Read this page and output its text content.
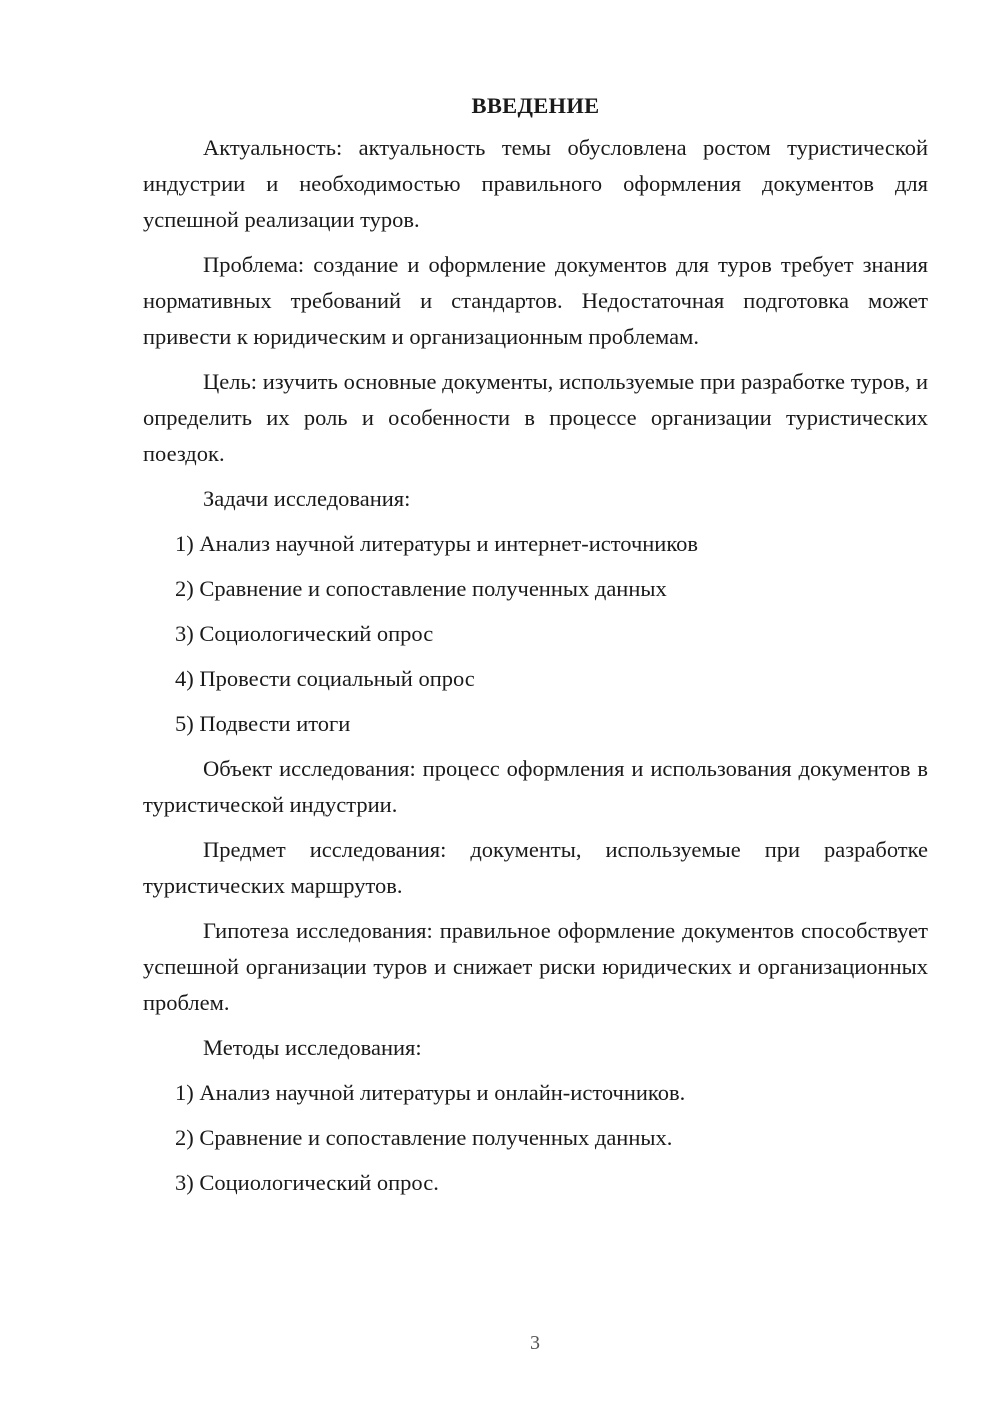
ВВЕДЕНИЕ

Актуальность: актуальность темы обусловлена ростом туристической индустрии и необходимостью правильного оформления документов для успешной реализации туров.

Проблема: создание и оформление документов для туров требует знания нормативных требований и стандартов. Недостаточная подготовка может привести к юридическим и организационным проблемам.

Цель: изучить основные документы, используемые при разработке туров, и определить их роль и особенности в процессе организации туристических поездок.

Задачи исследования:

1) Анализ научной литературы и интернет-источников
2) Сравнение и сопоставление полученных данных
3) Социологический опрос
4) Провести социальный опрос
5) Подвести итоги

Объект исследования: процесс оформления и использования документов в туристической индустрии.

Предмет исследования: документы, используемые при разработке туристических маршрутов.

Гипотеза исследования: правильное оформление документов способствует успешной организации туров и снижает риски юридических и организационных проблем.

Методы исследования:

1) Анализ научной литературы и онлайн-источников.
2) Сравнение и сопоставление полученных данных.
3) Социологический опрос.
3
